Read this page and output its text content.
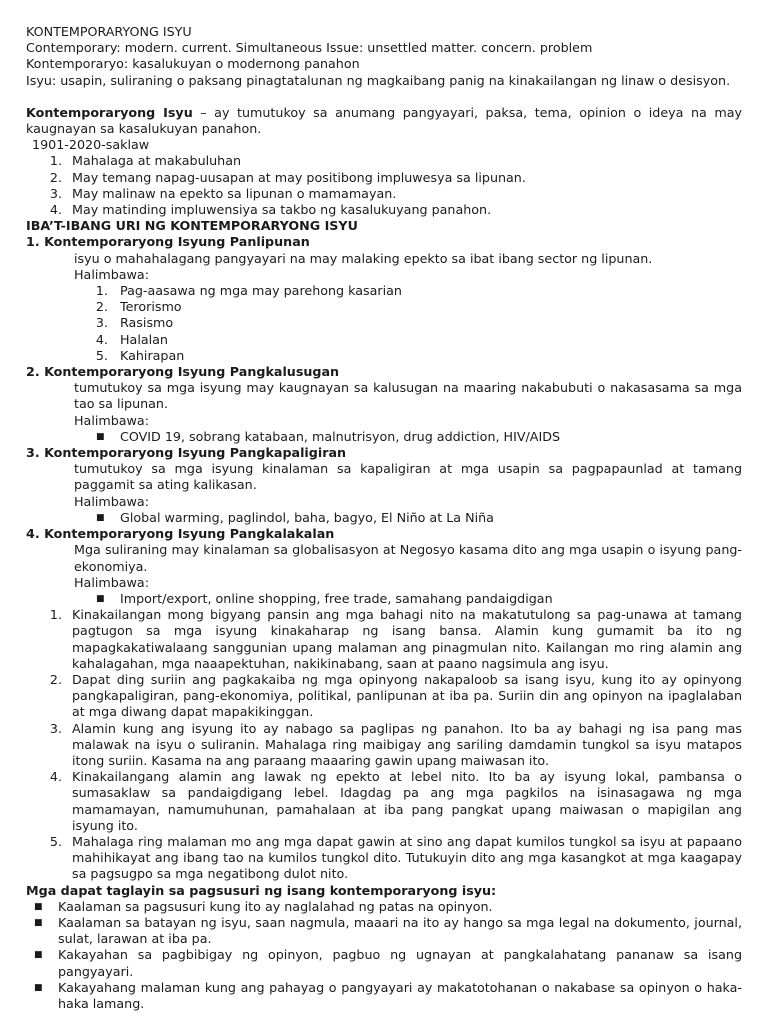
KONTEMPORARYONG ISYU
Contemporary: modern. current. Simultaneous Issue: unsettled matter. concern. problem
Kontemporaryo: kasalukuyan o modernong panahon
Isyu: usapin, suliraning o paksang pinagtatalunan ng magkaibang panig na kinakailangan ng linaw o desisyon.
Kontemporaryong Isyu – ay tumutukoy sa anumang pangyayari, paksa, tema, opinion o ideya na may kaugnayan sa kasalukuyan panahon.
1901-2020-saklaw
1. Mahalaga at makabuluhan
2. May temang napag-uusapan at may positibong impluwesya sa lipunan.
3. May malinaw na epekto sa lipunan o mamamayan.
4. May matinding impluwensiya sa takbo ng kasalukuyang panahon.
IBA’T-IBANG URI NG KONTEMPORARYONG ISYU
1. Kontemporaryong Isyung Panlipunan
isyu o mahahalagang pangyayari na may malaking epekto sa ibat ibang sector ng lipunan.
Halimbawa:
1. Pag-aasawa ng mga may parehong kasarian
2. Terorismo
3. Rasismo
4. Halalan
5. Kahirapan
2. Kontemporaryong Isyung Pangkalusugan
tumutukoy sa mga isyung may kaugnayan sa kalusugan na maaring nakabubuti o nakasasama sa mga tao sa lipunan.
Halimbawa:
■	COVID 19, sobrang katabaan, malnutrisyon, drug addiction, HIV/AIDS
3. Kontemporaryong Isyung Pangkapaligiran
tumutukoy sa mga isyung kinalaman sa kapaligiran at mga usapin sa pagpapaunlad at tamang paggamit sa ating kalikasan.
Halimbawa:
■	Global warming, paglindol, baha, bagyo, El Niño at La Niña
4. Kontemporaryong Isyung Pangkalakalan
Mga suliraning may kinalaman sa globalisasyon at Negosyo kasama dito ang mga usapin o isyung pang-ekonomiya.
Halimbawa:
■	Import/export, online shopping, free trade, samahang pandaigdigan
1. Kinakailangan mong bigyang pansin ang mga bahagi nito na makatutulong sa pag-unawa at tamang pagtugon sa mga isyung kinakaharap ng isang bansa. Alamin kung gumamit ba ito ng mapagkakatiwalaang sanggunian upang malaman ang pinagmulan nito. Kailangan mo ring alamin ang kahalagahan, mga naaapektuhan, nakikinabang, saan at paano nagsimula ang isyu.
2. Dapat ding suriin ang pagkakaiba ng mga opinyong nakapaloob sa isang isyu, kung ito ay opinyong pangkapaligiran, pang-ekonomiya, politikal, panlipunan at iba pa. Suriin din ang opinyon na ipaglalaban at mga diwang dapat mapakikinggan.
3. Alamin kung ang isyung ito ay nabago sa paglipas ng panahon. Ito ba ay bahagi ng isa pang mas malawak na isyu o suliranin. Mahalaga ring maibigay ang sariling damdamin tungkol sa isyu matapos itong suriin. Kasama na ang paraang maaaring gawin upang maiwasan ito.
4. Kinakailangang alamin ang lawak ng epekto at lebel nito. Ito ba ay isyung lokal, pambansa o sumasaklaw sa pandaigdigang lebel. Idagdag pa ang mga pagkilos na isinasagawa ng mga mamamayan, namumuhunan, pamahalaan at iba pang pangkat upang maiwasan o mapigilan ang isyung ito.
5. Mahalaga ring malaman mo ang mga dapat gawin at sino ang dapat kumilos tungkol sa isyu at papaano mahihikayat ang ibang tao na kumilos tungkol dito. Tutukuyin dito ang mga kasangkot at mga kaagapay sa pagsugpo sa mga negatibong dulot nito.
Mga dapat taglayin sa pagsusuri ng isang kontemporaryong isyu:
■	Kaalaman sa pagsusuri kung ito ay naglalahad ng patas na opinyon.
■	Kaalaman sa batayan ng isyu, saan nagmula, maaari na ito ay hango sa mga legal na dokumento, journal, sulat, larawan at iba pa.
■	Kakayahan sa pagbibigay ng opinyon, pagbuo ng ugnayan at pangkalahatang pananaw sa isang pangyayari.
■	Kakayahang malaman kung ang pahayag o pangyayari ay makatotohanan o nakabase sa opinyon o haka-haka lamang.
